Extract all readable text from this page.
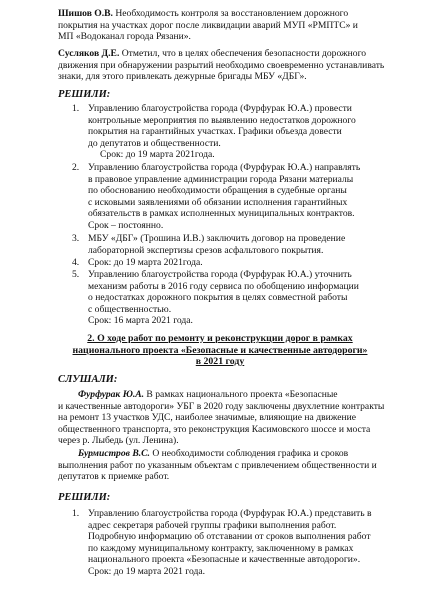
Шишов О.В. Необходимость контроля за восстановлением дорожного
покрытия на участках дорог после ликвидации аварий МУП «РМПТС» и
МП «Водоканал города Рязани».
Сусляков Д.Е. Отметил, что в целях обеспечения безопасности дорожного
движения при обнаружении разрытий необходимо своевременно устанавливать
знаки, для этого привлекать дежурные бригады МБУ «ДБГ».
РЕШИЛИ:
1. Управлению благоустройства города (Фурфурак Ю.А.) провести
контрольные мероприятия по выявлению недостатков дорожного
покрытия на гарантийных участках. Графики объезда довести
до депутатов и общественности.
Срок: до 19 марта 2021года.
2. Управлению благоустройства города (Фурфурак Ю.А.) направлять
в правовое управление администрации города Рязани материалы
по обоснованию необходимости обращения в судебные органы
с исковыми заявлениями об обязании исполнения гарантийных
обязательств в рамках исполненных муниципальных контрактов.
Срок – постоянно.
3. МБУ «ДБГ» (Трошина И.В.) заключить договор на проведение
лабораторной экспертизы срезов асфальтового покрытия.
4. Срок: до 19 марта 2021года.
5. Управлению благоустройства города (Фурфурак Ю.А.) уточнить
механизм работы в 2016 году сервиса по обобщению информации
о недостатках дорожного покрытия в целях совместной работы
с общественностью.
Срок: 16 марта 2021 года.
2. О ходе работ по ремонту и реконструкции дорог в рамках
национального проекта «Безопасные и качественные автодороги»
в 2021 году
СЛУШАЛИ:
Фурфурак Ю.А. В рамках национального проекта «Безопасные
и качественные автодороги» УБГ в 2020 году заключены двухлетние контракты
на ремонт 13 участков УДС, наиболее значимые, влияющие на движение
общественного транспорта, это реконструкция Касимовского шоссе и моста
через р. Лыбедь (ул. Ленина).
Бурмистров В.С. О необходимости соблюдения графика и сроков
выполнения работ по указанным объектам с привлечением общественности и
депутатов к приемке работ.
РЕШИЛИ:
1. Управлению благоустройства города (Фурфурак Ю.А.) представить в
адрес секретаря рабочей группы графики выполнения работ.
Подробную информацию об отставании от сроков выполнения работ
по каждому муниципальному контракту, заключенному в рамках
национального проекта «Безопасные и качественные автодороги».
Срок: до 19 марта 2021 года.
